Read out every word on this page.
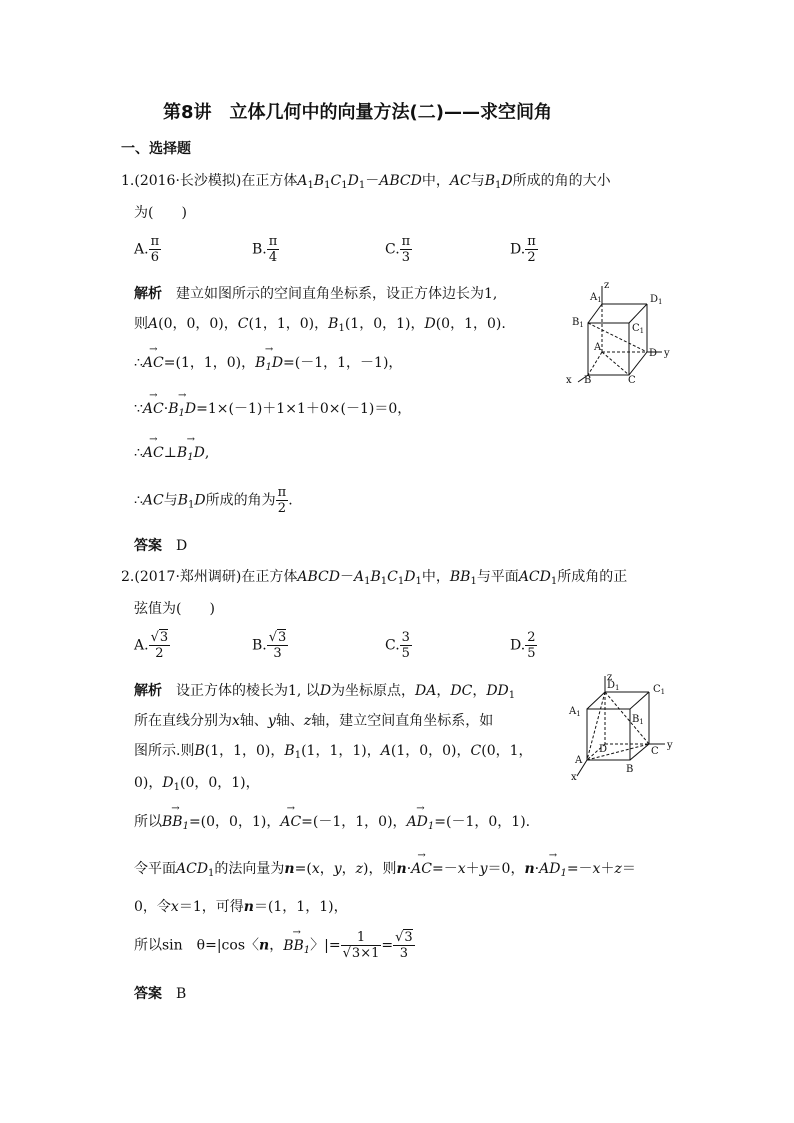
第8讲　立体几何中的向量方法(二)——求空间角
一、选择题
1.(2016·长沙模拟)在正方体$A_1B_1C_1D_1-ABCD$中，AC与$B_1D$所成的角的大小
为(　　)
A. $\frac{\pi}{6}$	B. $\frac{\pi}{4}$	C. $\frac{\pi}{3}$	D. $\frac{\pi}{2}$
解析　建立如图所示的空间直角坐标系，设正方体边长为1,
则A(0，0，0)，C(1，1，0)，$B_1(1$，0，1)，D(0，1，0).
∴→ AC=(1，1，0)，→ $B_1D=(-1$，1，－1)，
∵→ $AC\cdot\to B_1D=1\times(-1)+1\times 1+0\times(-1)=0$，
∴→ AC⊥→ $B_1D$,
∴AC与$B_1D$所成的角为 $\frac{\pi}{2}$ .
答案　 D
z
y
x
$A_1$	$D_1$
$B_1$	$C_1$
A
D
B	C
2.(2017·郑州调研)在正方体$ABCD-A_1B_1C_1D_1$中，$BB_1$与平面$ACD_1$所成角的正
弦值为(　　)
A. $\frac{√3}{2}$	B. $\frac{√3}{3}$	C. $\frac{3}{5}$	D. $\frac{2}{5}$
解析　设正方体的棱长为1, 以D为坐标原点，DA，DC，$DD_1$
所在直线分别为x轴、y轴、z轴，建立空间直角坐标系，如
图所示.则B(1，1，0)，$B_1(1$，1，1)，A(1，0，0)，C(0，1，
0)，$D_1(0$，0，1)，
所以→ $BB_1=(0$，0，1)，→ AC=(－1，1，0)，→ $AD_1=(-1$，0，1).
令平面$ACD_1$的法向量为n=(x，y，z)，则n·→ AC=－x＋y＝0，$n\cdot\to AD_1=-x+z=$
0，令x＝1，可得n＝(1，1，1)，
所以sin　θ=|cos〈n，→ $BB_1$〉|= $\frac{1}{√3\times 1} = \frac{√3}{3}$
答案　 B
z
y
x
$D_1$	$C_1$
$A_1$	$B_1$
D	C
A
B
